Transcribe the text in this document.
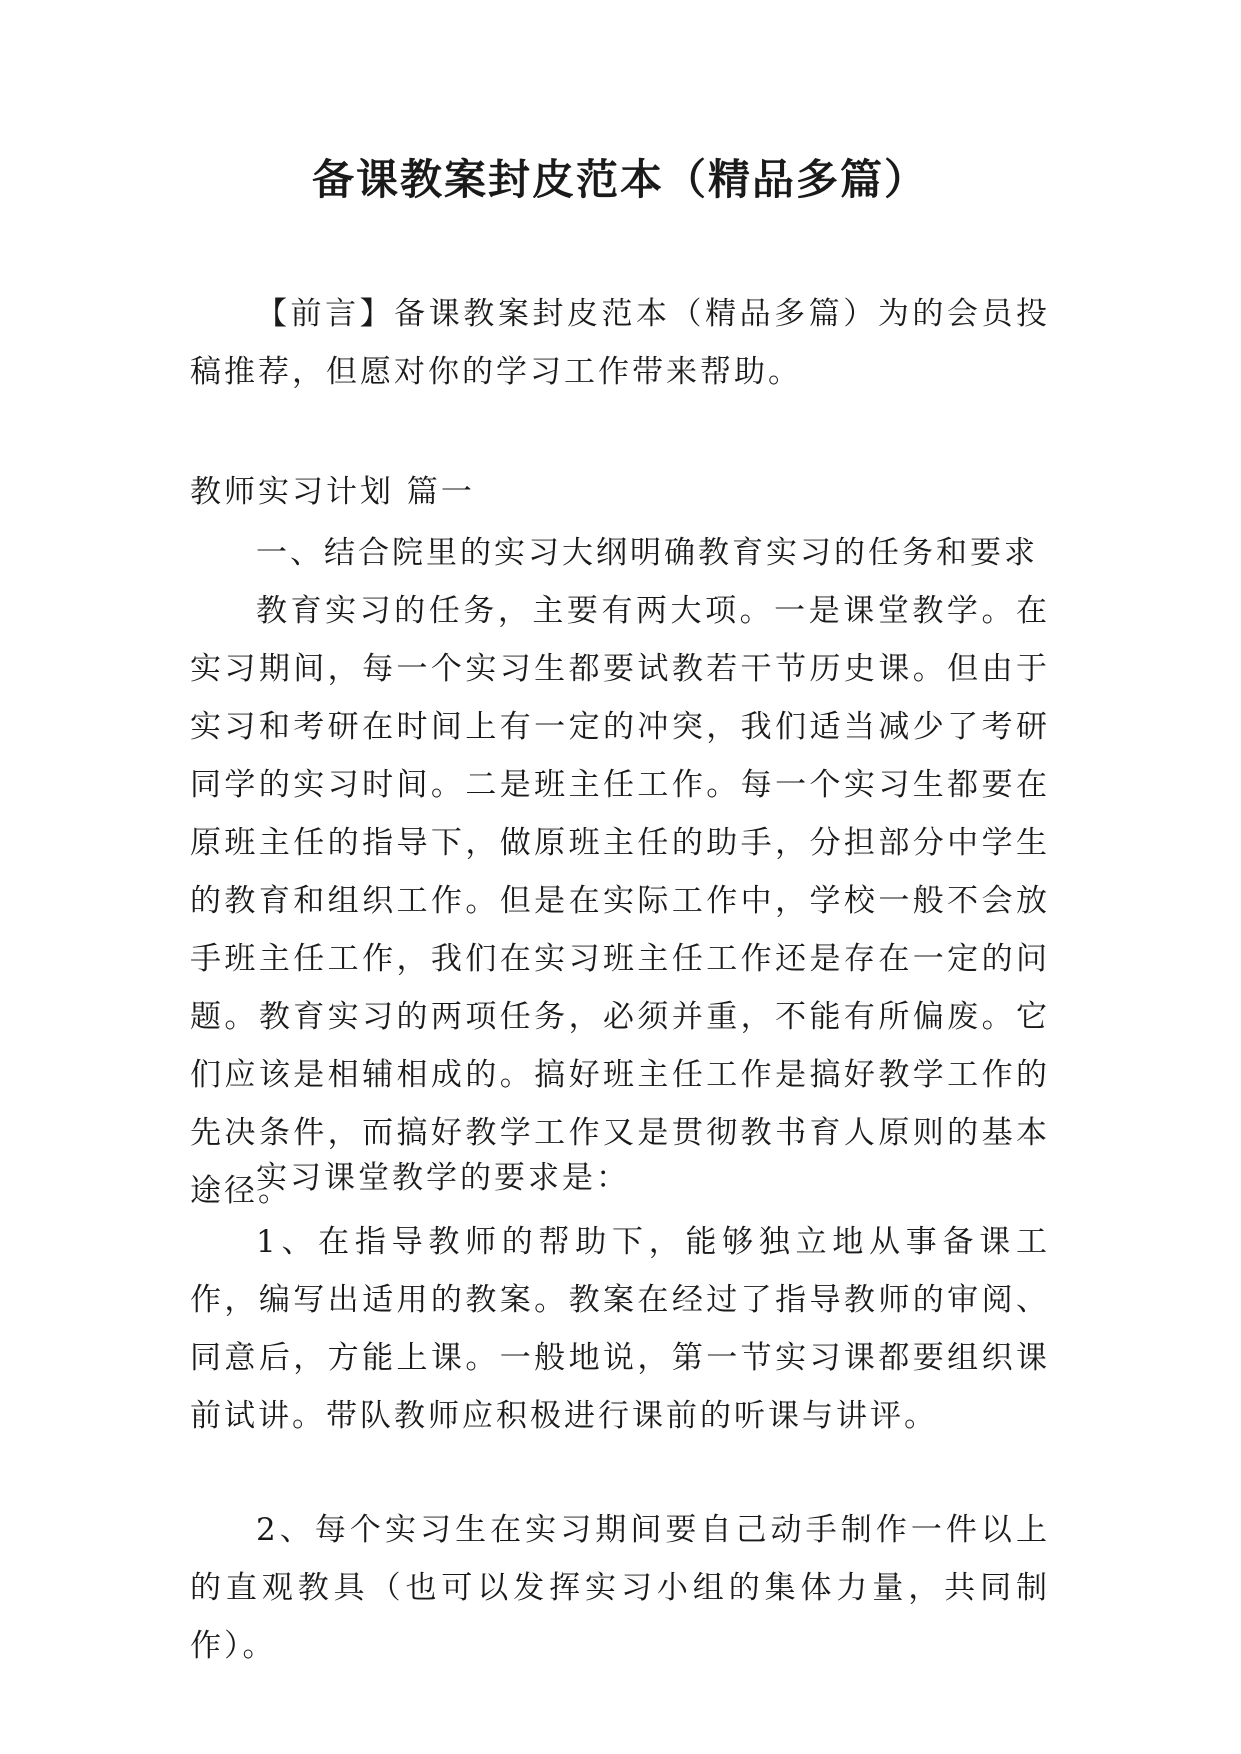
备课教案封皮范本（精品多篇）
【前言】备课教案封皮范本（精品多篇）为的会员投稿推荐，但愿对你的学习工作带来帮助。
教师实习计划 篇一
一、结合院里的实习大纲明确教育实习的任务和要求
教育实习的任务，主要有两大项。一是课堂教学。在实习期间，每一个实习生都要试教若干节历史课。但由于实习和考研在时间上有一定的冲突，我们适当减少了考研同学的实习时间。二是班主任工作。每一个实习生都要在原班主任的指导下，做原班主任的助手，分担部分中学生的教育和组织工作。但是在实际工作中，学校一般不会放手班主任工作，我们在实习班主任工作还是存在一定的问题。教育实习的两项任务，必须并重，不能有所偏废。它们应该是相辅相成的。搞好班主任工作是搞好教学工作的先决条件，而搞好教学工作又是贯彻教书育人原则的基本途径。
实习课堂教学的要求是：
1、在指导教师的帮助下，能够独立地从事备课工作，编写出适用的教案。教案在经过了指导教师的审阅、同意后，方能上课。一般地说，第一节实习课都要组织课前试讲。带队教师应积极进行课前的听课与讲评。
2、每个实习生在实习期间要自己动手制作一件以上的直观教具（也可以发挥实习小组的集体力量，共同制作）。
